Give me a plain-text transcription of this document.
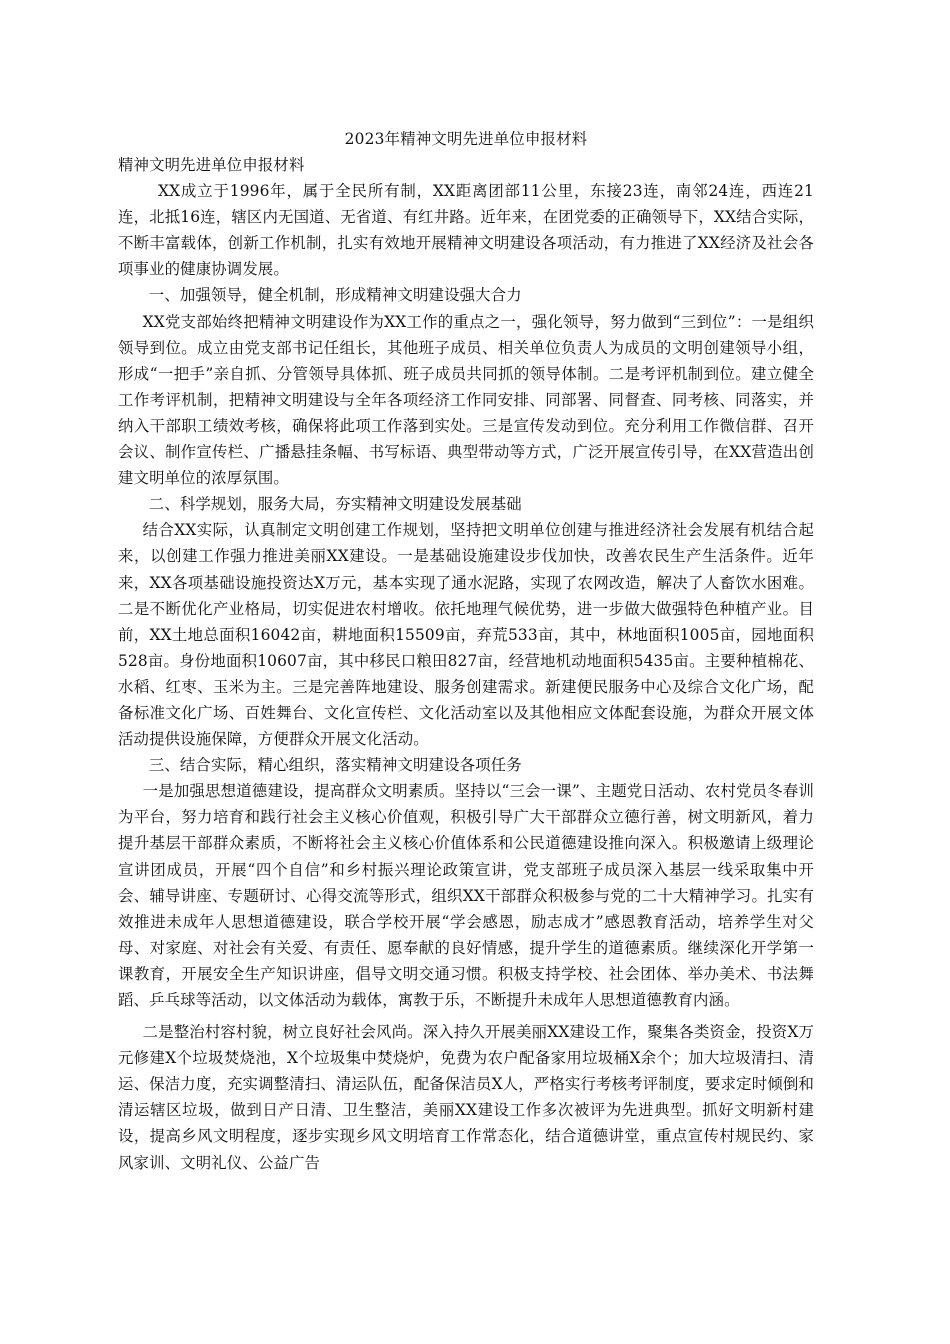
2023年精神文明先进单位申报材料
精神文明先进单位申报材料

XX成立于1996年，属于全民所有制，XX距离团部11公里，东接23连，南邻24连，西连21连，北抵16连，辖区内无国道、无省道、有红井路。近年来，在团党委的正确领导下，XX结合实际，不断丰富载体，创新工作机制，扎实有效地开展精神文明建设各项活动，有力推进了XX经济及社会各项事业的健康协调发展。

一、加强领导，健全机制，形成精神文明建设强大合力

XX党支部始终把精神文明建设作为XX工作的重点之一，强化领导，努力做到“三到位”：一是组织领导到位。成立由党支部书记任组长，其他班子成员、相关单位负责人为成员的文明创建领导小组，形成“一把手”亲自抓、分管领导具体抓、班子成员共同抓的领导体制。二是考评机制到位。建立健全工作考评机制，把精神文明建设与全年各项经济工作同安排、同部署、同督查、同考核、同落实，并纳入干部职工绩效考核，确保将此项工作落到实处。三是宣传发动到位。充分利用工作微信群、召开会议、制作宣传栏、广播悬挂条幅、书写标语、典型带动等方式，广泛开展宣传引导，在XX营造出创建文明单位的浓厚氛围。

二、科学规划，服务大局，夯实精神文明建设发展基础

结合XX实际，认真制定文明创建工作规划，坚持把文明单位创建与推进经济社会发展有机结合起来，以创建工作强力推进美丽XX建设。一是基础设施建设步伐加快，改善农民生产生活条件。近年来，XX各项基础设施投资达X万元，基本实现了通水泥路，实现了农网改造，解决了人畜饮水困难。二是不断优化产业格局，切实促进农村增收。依托地理气候优势，进一步做大做强特色种植产业。目前，XX土地总面积16042亩，耕地面积15509亩，弃荒533亩，其中，林地面积1005亩，园地面积528亩。身份地面积10607亩，其中移民口粮田827亩，经营地机动地面积5435亩。主要种植棉花、水稻、红枣、玉米为主。三是完善阵地建设、服务创建需求。新建便民服务中心及综合文化广场，配备标准文化广场、百姓舞台、文化宣传栏、文化活动室以及其他相应文体配套设施，为群众开展文体活动提供设施保障，方便群众开展文化活动。

三、结合实际，精心组织，落实精神文明建设各项任务

一是加强思想道德建设，提高群众文明素质。坚持以“三会一课”、主题党日活动、农村党员冬春训为平台，努力培育和践行社会主义核心价值观，积极引导广大干部群众立德行善，树文明新风，着力提升基层干部群众素质，不断将社会主义核心价值体系和公民道德建设推向深入。积极邀请上级理论宣讲团成员，开展“四个自信”和乡村振兴理论政策宣讲，党支部班子成员深入基层一线采取集中开会、辅导讲座、专题研讨、心得交流等形式，组织XX干部群众积极参与党的二十大精神学习。扎实有效推进未成年人思想道德建设，联合学校开展“学会感恩，励志成才”感恩教育活动，培养学生对父母、对家庭、对社会有关爱、有责任、愿奉献的良好情感，提升学生的道德素质。继续深化开学第一课教育，开展安全生产知识讲座，倡导文明交通习惯。积极支持学校、社会团体、举办美术、书法舞蹈、乒乓球等活动，以文体活动为载体，寓教于乐，不断提升未成年人思想道德教育内涵。

二是整治村容村貌，树立良好社会风尚。深入持久开展美丽XX建设工作，聚集各类资金，投资X万元修建X个垃圾焚烧池，X个垃圾集中焚烧炉，免费为农户配备家用垃圾桶X余个；加大垃圾清扫、清运、保洁力度，充实调整清扫、清运队伍，配备保洁员X人，严格实行考核考评制度，要求定时倾倒和清运辖区垃圾，做到日产日清、卫生整洁，美丽XX建设工作多次被评为先进典型。抓好文明新村建设，提高乡风文明程度，逐步实现乡风文明培育工作常态化，结合道德讲堂，重点宣传村规民约、家风家训、文明礼仪、公益广告
